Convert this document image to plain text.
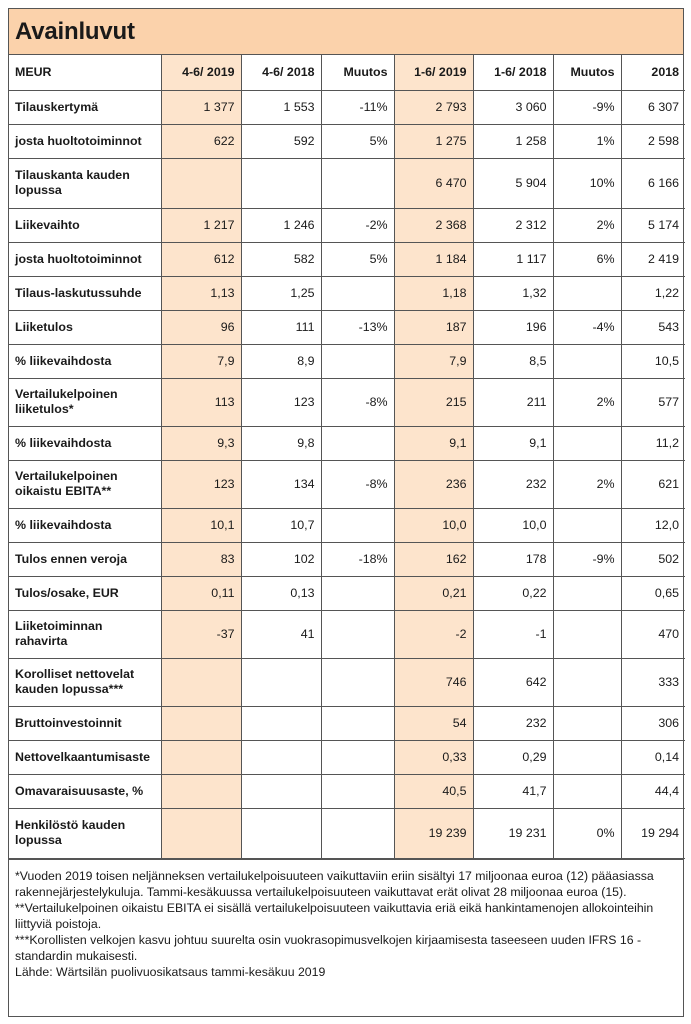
Avainluvut
MEUR	4-6/ 2019	4-6/ 2018	Muutos	1-6/ 2019	1-6/ 2018	Muutos	2018
Tilauskertymä	1 377	1 553	-11%	2 793	3 060	-9%	6 307
josta huoltotoiminnot	622	592	5%	1 275	1 258	1%	2 598
Tilauskanta kauden lopussa				6 470	5 904	10%	6 166
Liikevaihto	1 217	1 246	-2%	2 368	2 312	2%	5 174
josta huoltotoiminnot	612	582	5%	1 184	1 117	6%	2 419
Tilaus-laskutussuhde	1,13	1,25		1,18	1,32		1,22
Liiketulos	96	111	-13%	187	196	-4%	543
% liikevaihdosta	7,9	8,9		7,9	8,5		10,5
Vertailukelpoinen liiketulos*	113	123	-8%	215	211	2%	577
% liikevaihdosta	9,3	9,8		9,1	9,1		11,2
Vertailukelpoinen oikaistu EBITA**	123	134	-8%	236	232	2%	621
% liikevaihdosta	10,1	10,7		10,0	10,0		12,0
Tulos ennen veroja	83	102	-18%	162	178	-9%	502
Tulos/osake, EUR	0,11	0,13		0,21	0,22		0,65
Liiketoiminnan rahavirta	-37	41		-2	-1		470
Korolliset nettovelat kauden lopussa***				746	642		333
Bruttoinvestoinnit				54	232		306
Nettovelkaantumisaste				0,33	0,29		0,14
Omavaraisuusaste, %				40,5	41,7		44,4
Henkilöstö kauden lopussa				19 239	19 231	0%	19 294

*Vuoden 2019 toisen neljänneksen vertailukelpoisuuteen vaikuttaviin eriin sisältyi 17 miljoonaa euroa (12) pääasiassa rakennejärjestelykuluja. Tammi-kesäkuussa vertailukelpoisuuteen vaikuttavat erät olivat 28 miljoonaa euroa (15).

**Vertailukelpoinen oikaistu EBITA ei sisällä vertailukelpoisuuteen vaikuttavia eriä eikä hankintamenojen allokointeihin liittyviä poistoja.

***Korollisten velkojen kasvu johtuu suurelta osin vuokrasopimusvelkojen kirjaamisesta taseeseen uuden IFRS 16 -standardin mukaisesti.

Lähde: Wärtsilän puolivuosikatsaus tammi-kesäkuu 2019
